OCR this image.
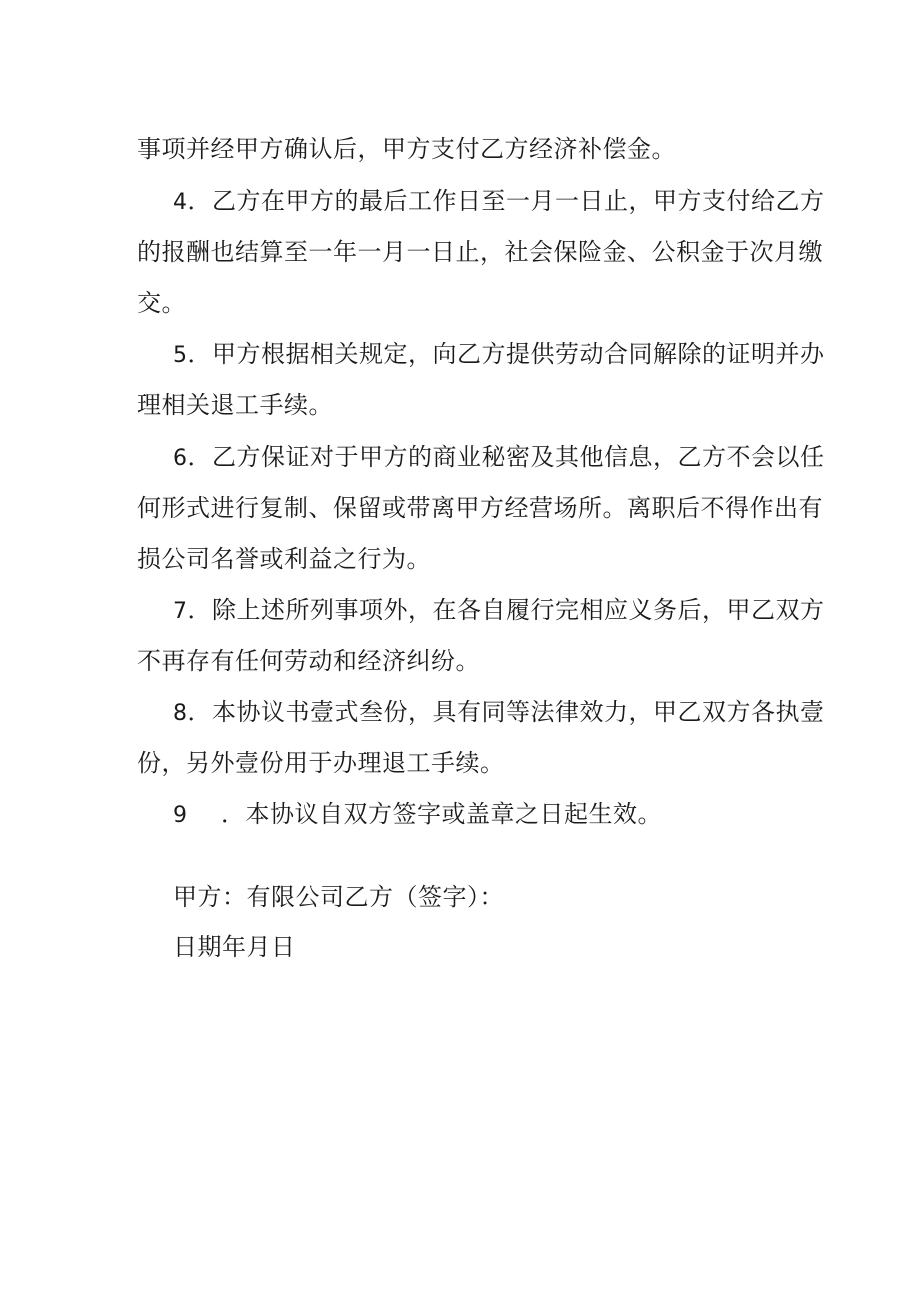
事项并经甲方确认后，甲方支付乙方经济补偿金。
4．乙方在甲方的最后工作日至一月一日止，甲方支付给乙方
的报酬也结算至一年一月一日止，社会保险金、公积金于次月缴
交。
5．甲方根据相关规定，向乙方提供劳动合同解除的证明并办
理相关退工手续。
6．乙方保证对于甲方的商业秘密及其他信息，乙方不会以任
何形式进行复制、保留或带离甲方经营场所。离职后不得作出有
损公司名誉或利益之行为。
7．除上述所列事项外，在各自履行完相应义务后，甲乙双方
不再存有任何劳动和经济纠纷。
8．本协议书壹式叁份，具有同等法律效力，甲乙双方各执壹
份，另外壹份用于办理退工手续。
9 ．本协议自双方签字或盖章之日起生效。
甲方：有限公司乙方（签字）：
日期年月日
